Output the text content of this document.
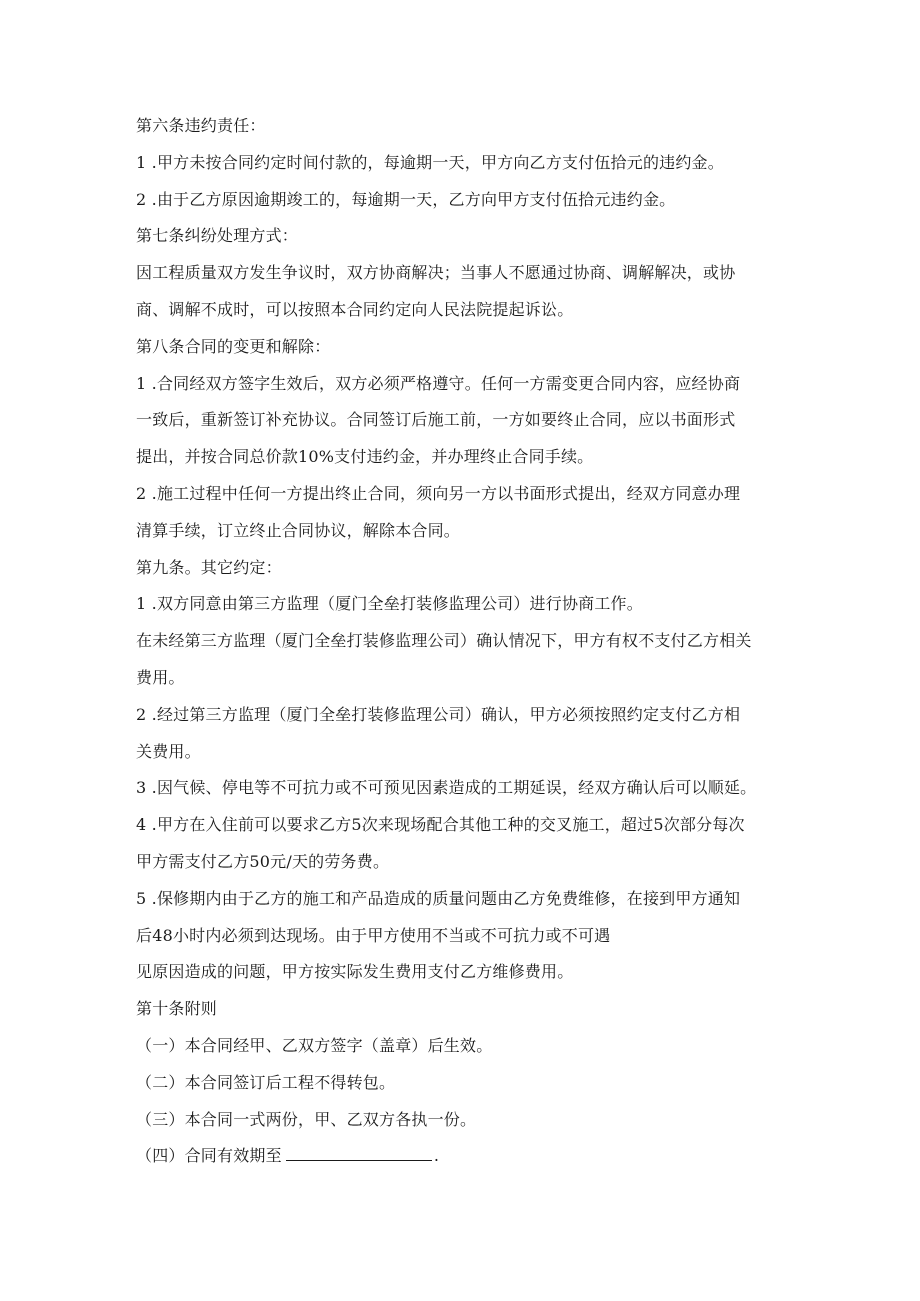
第六条违约责任：
1 .甲方未按合同约定时间付款的，每逾期一天，甲方向乙方支付伍拾元的违约金。
2 .由于乙方原因逾期竣工的，每逾期一天，乙方向甲方支付伍拾元违约金。
第七条纠纷处理方式：
因工程质量双方发生争议时，双方协商解决；当事人不愿通过协商、调解解决，或协
商、调解不成时，可以按照本合同约定向人民法院提起诉讼。
第八条合同的变更和解除：
1 .合同经双方签字生效后，双方必须严格遵守。任何一方需变更合同内容，应经协商
一致后，重新签订补充协议。合同签订后施工前，一方如要终止合同，应以书面形式
提出，并按合同总价款10%支付违约金，并办理终止合同手续。
2 .施工过程中任何一方提出终止合同，须向另一方以书面形式提出，经双方同意办理
清算手续，订立终止合同协议，解除本合同。
第九条。其它约定：
1 .双方同意由第三方监理（厦门全垒打装修监理公司）进行协商工作。
在未经第三方监理（厦门全垒打装修监理公司）确认情况下，甲方有权不支付乙方相关
费用。
2 .经过第三方监理（厦门全垒打装修监理公司）确认，甲方必须按照约定支付乙方相
关费用。
3 .因气候、停电等不可抗力或不可预见因素造成的工期延误，经双方确认后可以顺延。
4 .甲方在入住前可以要求乙方5次来现场配合其他工种的交叉施工，超过5次部分每次
甲方需支付乙方50元/天的劳务费。
5 .保修期内由于乙方的施工和产品造成的质量问题由乙方免费维修，在接到甲方通知
后48小时内必须到达现场。由于甲方使用不当或不可抗力或不可遇
见原因造成的问题，甲方按实际发生费用支付乙方维修费用。
第十条附则
（一）本合同经甲、乙双方签字（盖章）后生效。
（二）本合同签订后工程不得转包。
（三）本合同一式两份，甲、乙双方各执一份。
（四）合同有效期至	.
